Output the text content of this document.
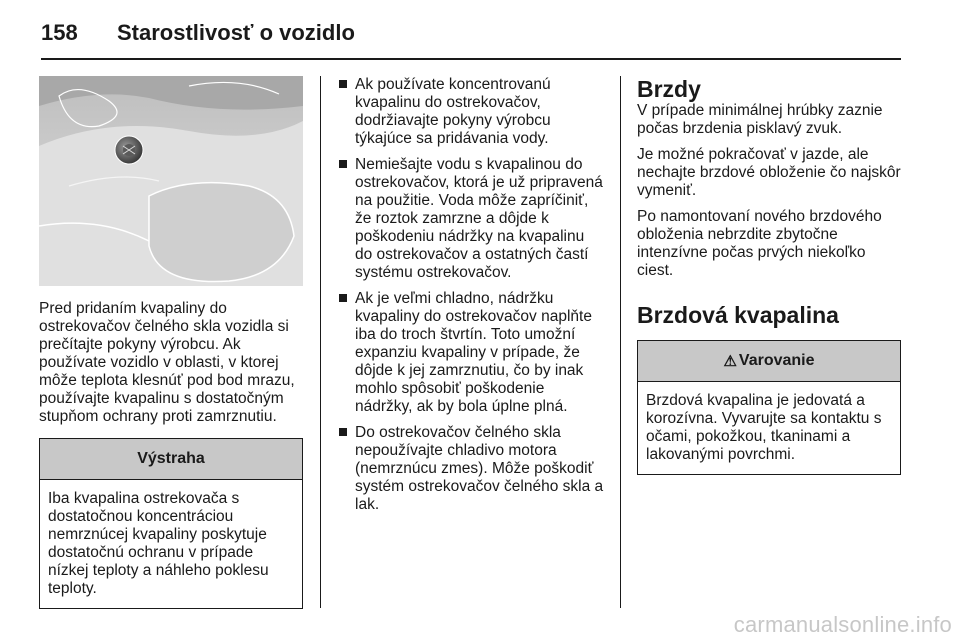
158 Starostlivosť o vozidlo

Pred pridaním kvapaliny do ostrekovačov čelného skla vozidla si prečítajte pokyny výrobcu. Ak používate vozidlo v oblasti, v ktorej môže teplota klesnúť pod bod mrazu, používajte kvapalinu s dostatočným stupňom ochrany proti zamrznutiu.

Výstraha

Iba kvapalina ostrekovača s dostatočnou koncentráciou nemrznúcej kvapaliny poskytuje dostatočnú ochranu v prípade nízkej teploty a náhleho poklesu teploty.

Ak používate koncentrovanú kvapalinu do ostrekovačov, dodržiavajte pokyny výrobcu týkajúce sa pridávania vody.
Nemiešajte vodu s kvapalinou do ostrekovačov, ktorá je už pripravená na použitie. Voda môže zapríčiniť, že roztok zamrzne a dôjde k poškodeniu nádržky na kvapalinu do ostrekovačov a ostatných častí systému ostrekovačov.
Ak je veľmi chladno, nádržku kvapaliny do ostrekovačov naplňte iba do troch štvrtín. Toto umožní expanziu kvapaliny v prípade, že dôjde k jej zamrznutiu, čo by inak mohlo spôsobiť poškodenie nádržky, ak by bola úplne plná.
Do ostrekovačov čelného skla nepoužívajte chladivo motora (nemrznúcu zmes). Môže poškodiť systém ostrekovačov čelného skla a lak.
Brzdy

V prípade minimálnej hrúbky zaznie počas brzdenia pisklavý zvuk.

Je možné pokračovať v jazde, ale nechajte brzdové obloženie čo najskôr vymeniť.

Po namontovaní nového brzdového obloženia nebrzdite zbytočne intenzívne počas prvých niekoľko ciest.

Brzdová kvapalina
⚠ Varovanie

Brzdová kvapalina je jedovatá a korozívna. Vyvarujte sa kontaktu s očami, pokožkou, tkaninami a lakovanými povrchmi.

carmanualsonline.info
